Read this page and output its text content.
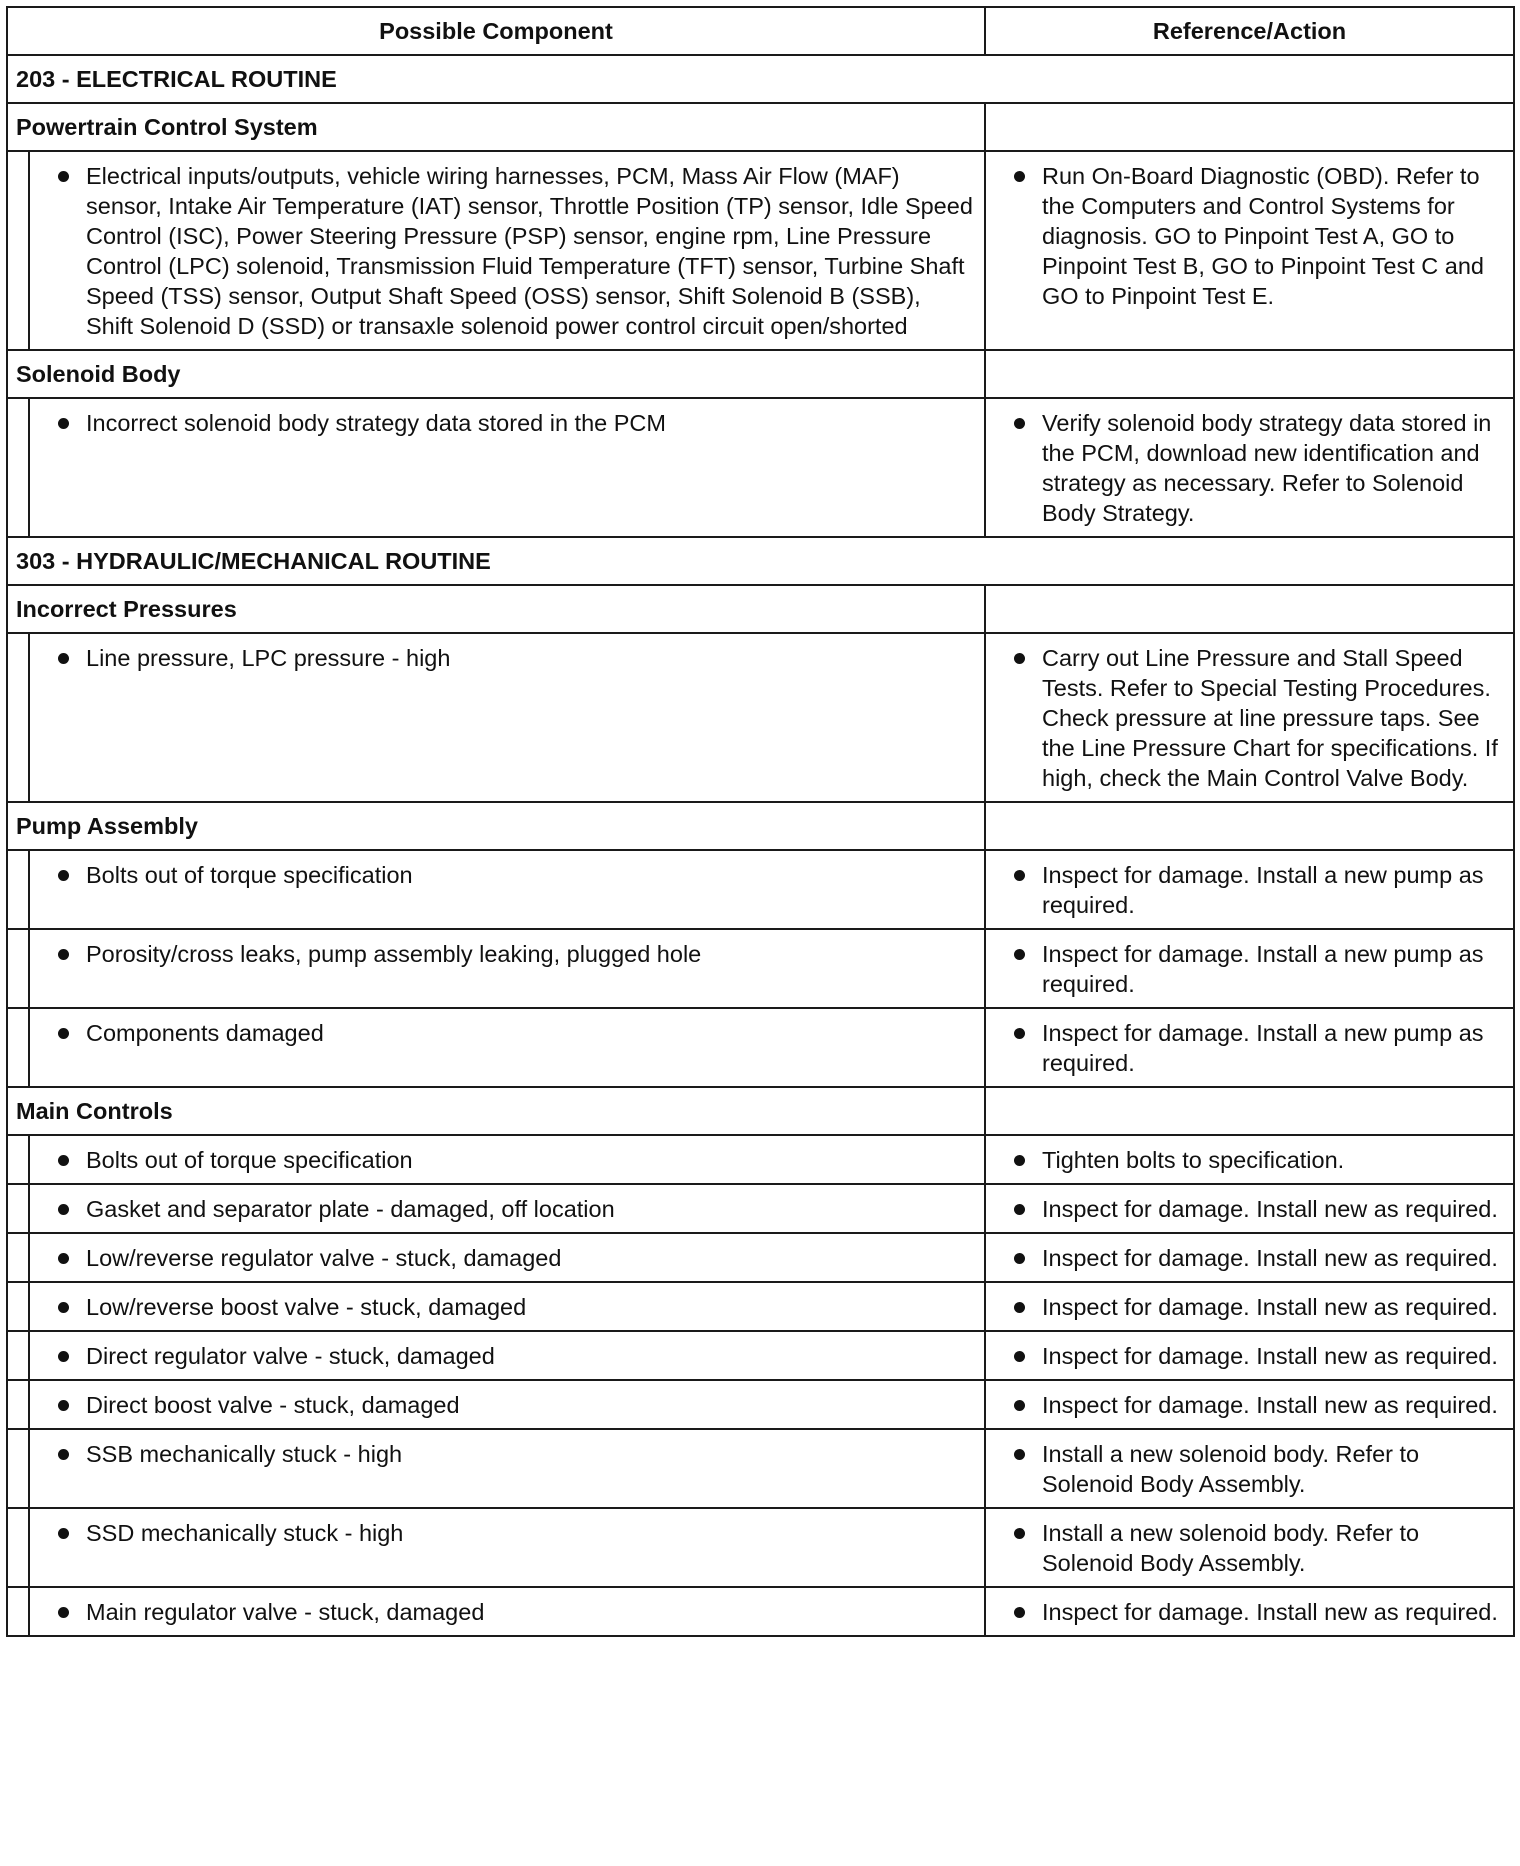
Possible Component		Reference/Action
203 - ELECTRICAL ROUTINE		
Powertrain Control System		

	Electrical inputs/outputs, vehicle wiring harnesses, PCM, Mass Air Flow (MAF) sensor, Intake Air Temperature (IAT) sensor, Throttle Position (TP) sensor, Idle Speed Control (ISC), Power Steering Pressure (PSP) sensor, engine rpm, Line Pressure Control (LPC) solenoid, Transmission Fluid Temperature (TFT) sensor, Turbine Shaft Speed (TSS) sensor, Output Shaft Speed (OSS) sensor, Shift Solenoid B (SSB), Shift Solenoid D (SSD) or transaxle solenoid power control circuit open/shorted	Run On-Board Diagnostic (OBD). Refer to the Computers and Control Systems for diagnosis. GO to Pinpoint Test A, GO to Pinpoint Test B, GO to Pinpoint Test C and GO to Pinpoint Test E.

Solenoid Body		

	Incorrect solenoid body strategy data stored in the PCM	Verify solenoid body strategy data stored in the PCM, download new identification and strategy as necessary. Refer to Solenoid Body Strategy.

303 - HYDRAULIC/MECHANICAL ROUTINE		
Incorrect Pressures		

	Line pressure, LPC pressure - high	Carry out Line Pressure and Stall Speed Tests. Refer to Special Testing Procedures. Check pressure at line pressure taps. See the Line Pressure Chart for specifications. If high, check the Main Control Valve Body.

Pump Assembly		

	Bolts out of torque specification	Inspect for damage. Install a new pump as required.

	Porosity/cross leaks, pump assembly leaking, plugged hole	Inspect for damage. Install a new pump as required.

	Components damaged	Inspect for damage. Install a new pump as required.

Main Controls		

	Bolts out of torque specification	Tighten bolts to specification.

	Gasket and separator plate - damaged, off location	Inspect for damage. Install new as required.

	Low/reverse regulator valve - stuck, damaged	Inspect for damage. Install new as required.

	Low/reverse boost valve - stuck, damaged	Inspect for damage. Install new as required.

	Direct regulator valve - stuck, damaged	Inspect for damage. Install new as required.

	Direct boost valve - stuck, damaged	Inspect for damage. Install new as required.

	SSB mechanically stuck - high	Install a new solenoid body. Refer to Solenoid Body Assembly.

	SSD mechanically stuck - high	Install a new solenoid body. Refer to Solenoid Body Assembly.

	Main regulator valve - stuck, damaged	Inspect for damage. Install new as required.
